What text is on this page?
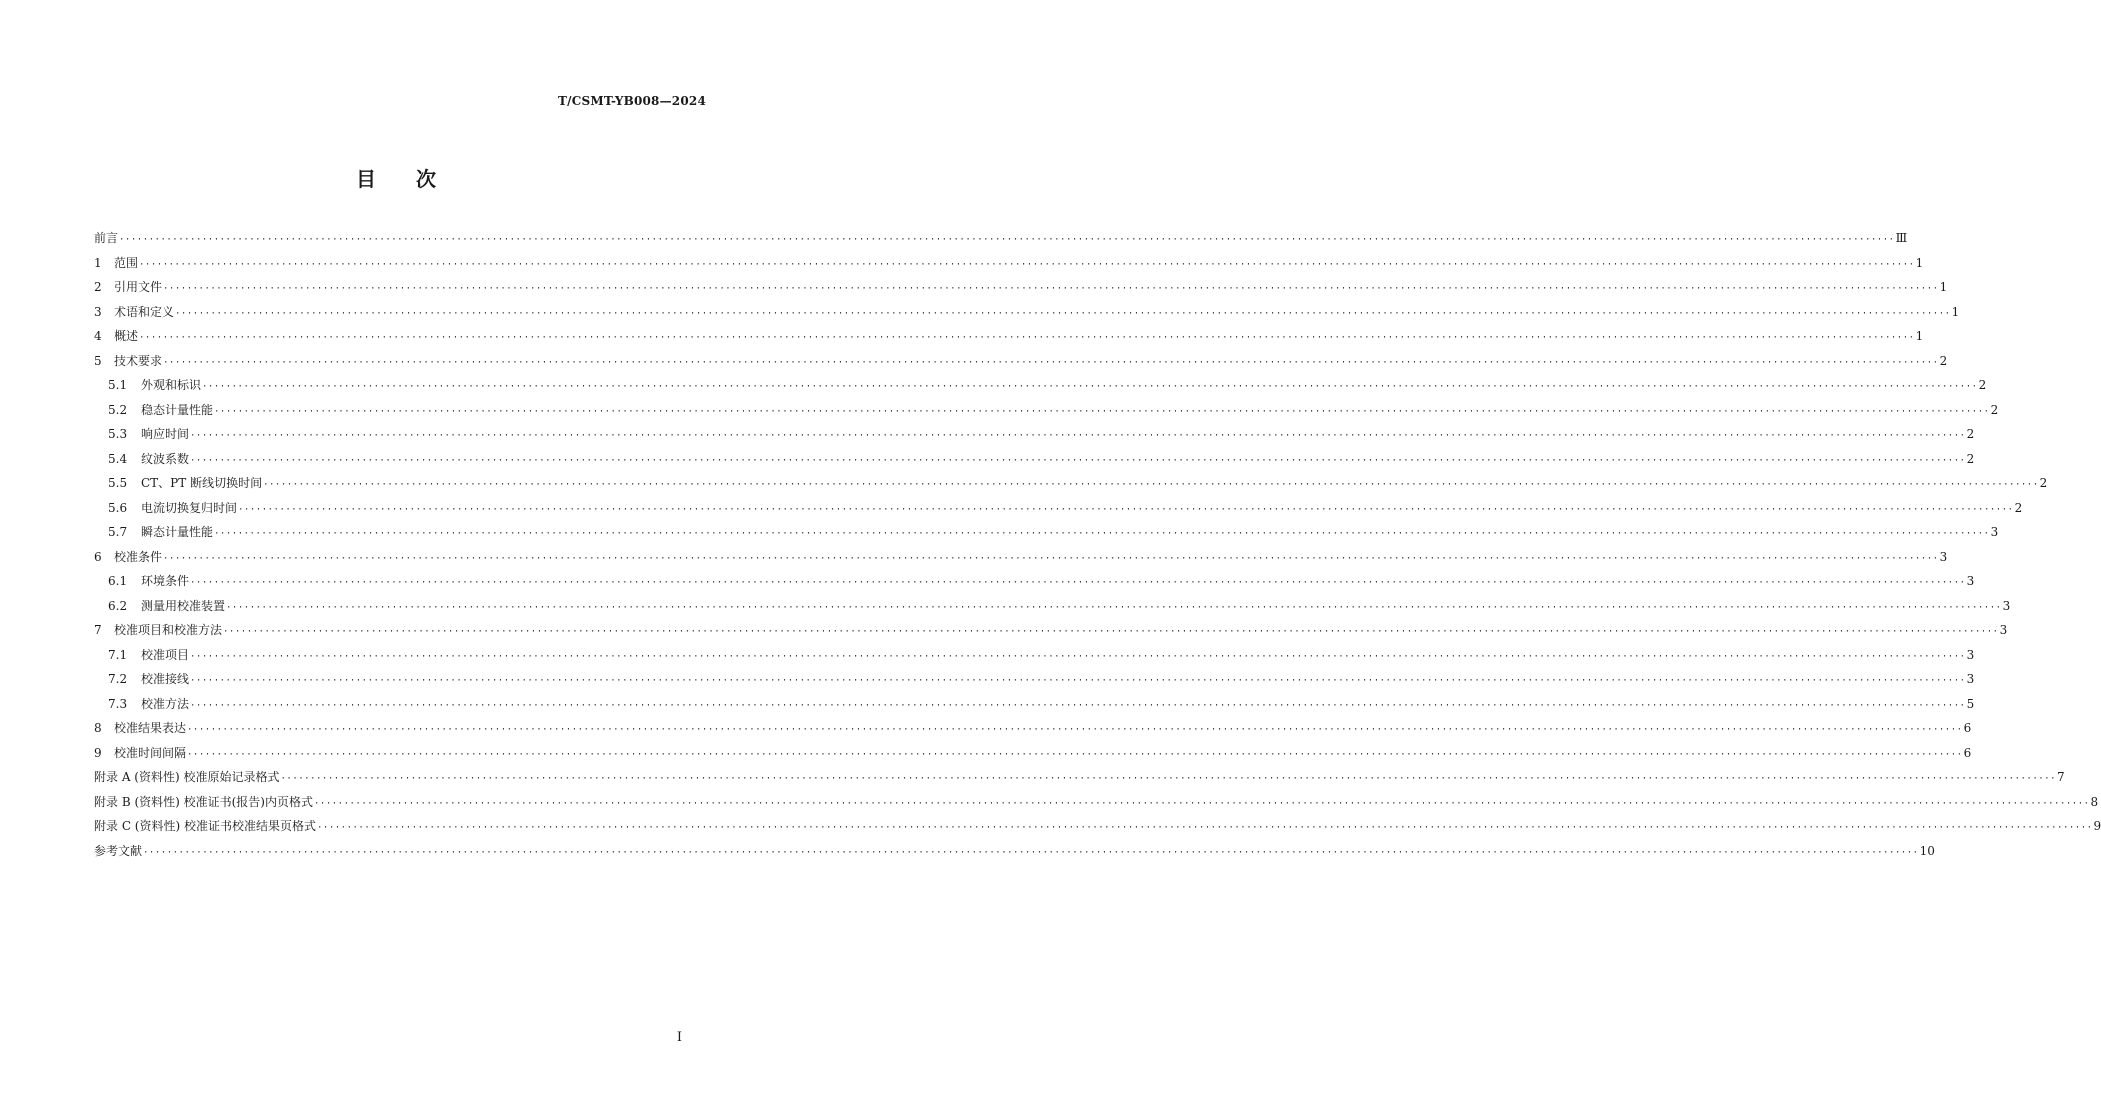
T/CSMT-YB008—2024
目 次
前言 ············································································································································································································································································································ Ⅲ
1	范围 ············································································································································································································································································································ 1
2	引用文件 ············································································································································································································································································································ 1
3	术语和定义 ············································································································································································································································································································ 1
4	概述 ············································································································································································································································································································ 1
5	技术要求 ············································································································································································································································································································ 2
5.1	外观和标识 ············································································································································································································································································································ 2
5.2	稳态计量性能 ············································································································································································································································································································ 2
5.3	响应时间 ············································································································································································································································································································ 2
5.4	纹波系数 ············································································································································································································································································································ 2
5.5	CT、PT 断线切换时间 ············································································································································································································································································································ 2
5.6	电流切换复归时间 ············································································································································································································································································································ 2
5.7	瞬态计量性能 ············································································································································································································································································································ 3
6	校准条件 ············································································································································································································································································································ 3
6.1	环境条件 ············································································································································································································································································································ 3
6.2	测量用校准装置 ············································································································································································································································································································ 3
7	校准项目和校准方法 ············································································································································································································································································································ 3
7.1	校准项目 ············································································································································································································································································································ 3
7.2	校准接线 ············································································································································································································································································································ 3
7.3	校准方法 ············································································································································································································································································································ 5
8	校准结果表达 ············································································································································································································································································································ 6
9	校准时间间隔 ············································································································································································································································································································ 6
附录 A (资料性) 校准原始记录格式 ············································································································································································································································································································ 7
附录 B (资料性) 校准证书(报告)内页格式 ············································································································································································································································································································ 8
附录 C (资料性) 校准证书校准结果页格式 ············································································································································································································································································································ 9
参考文献 ············································································································································································································································································································ 10
I
